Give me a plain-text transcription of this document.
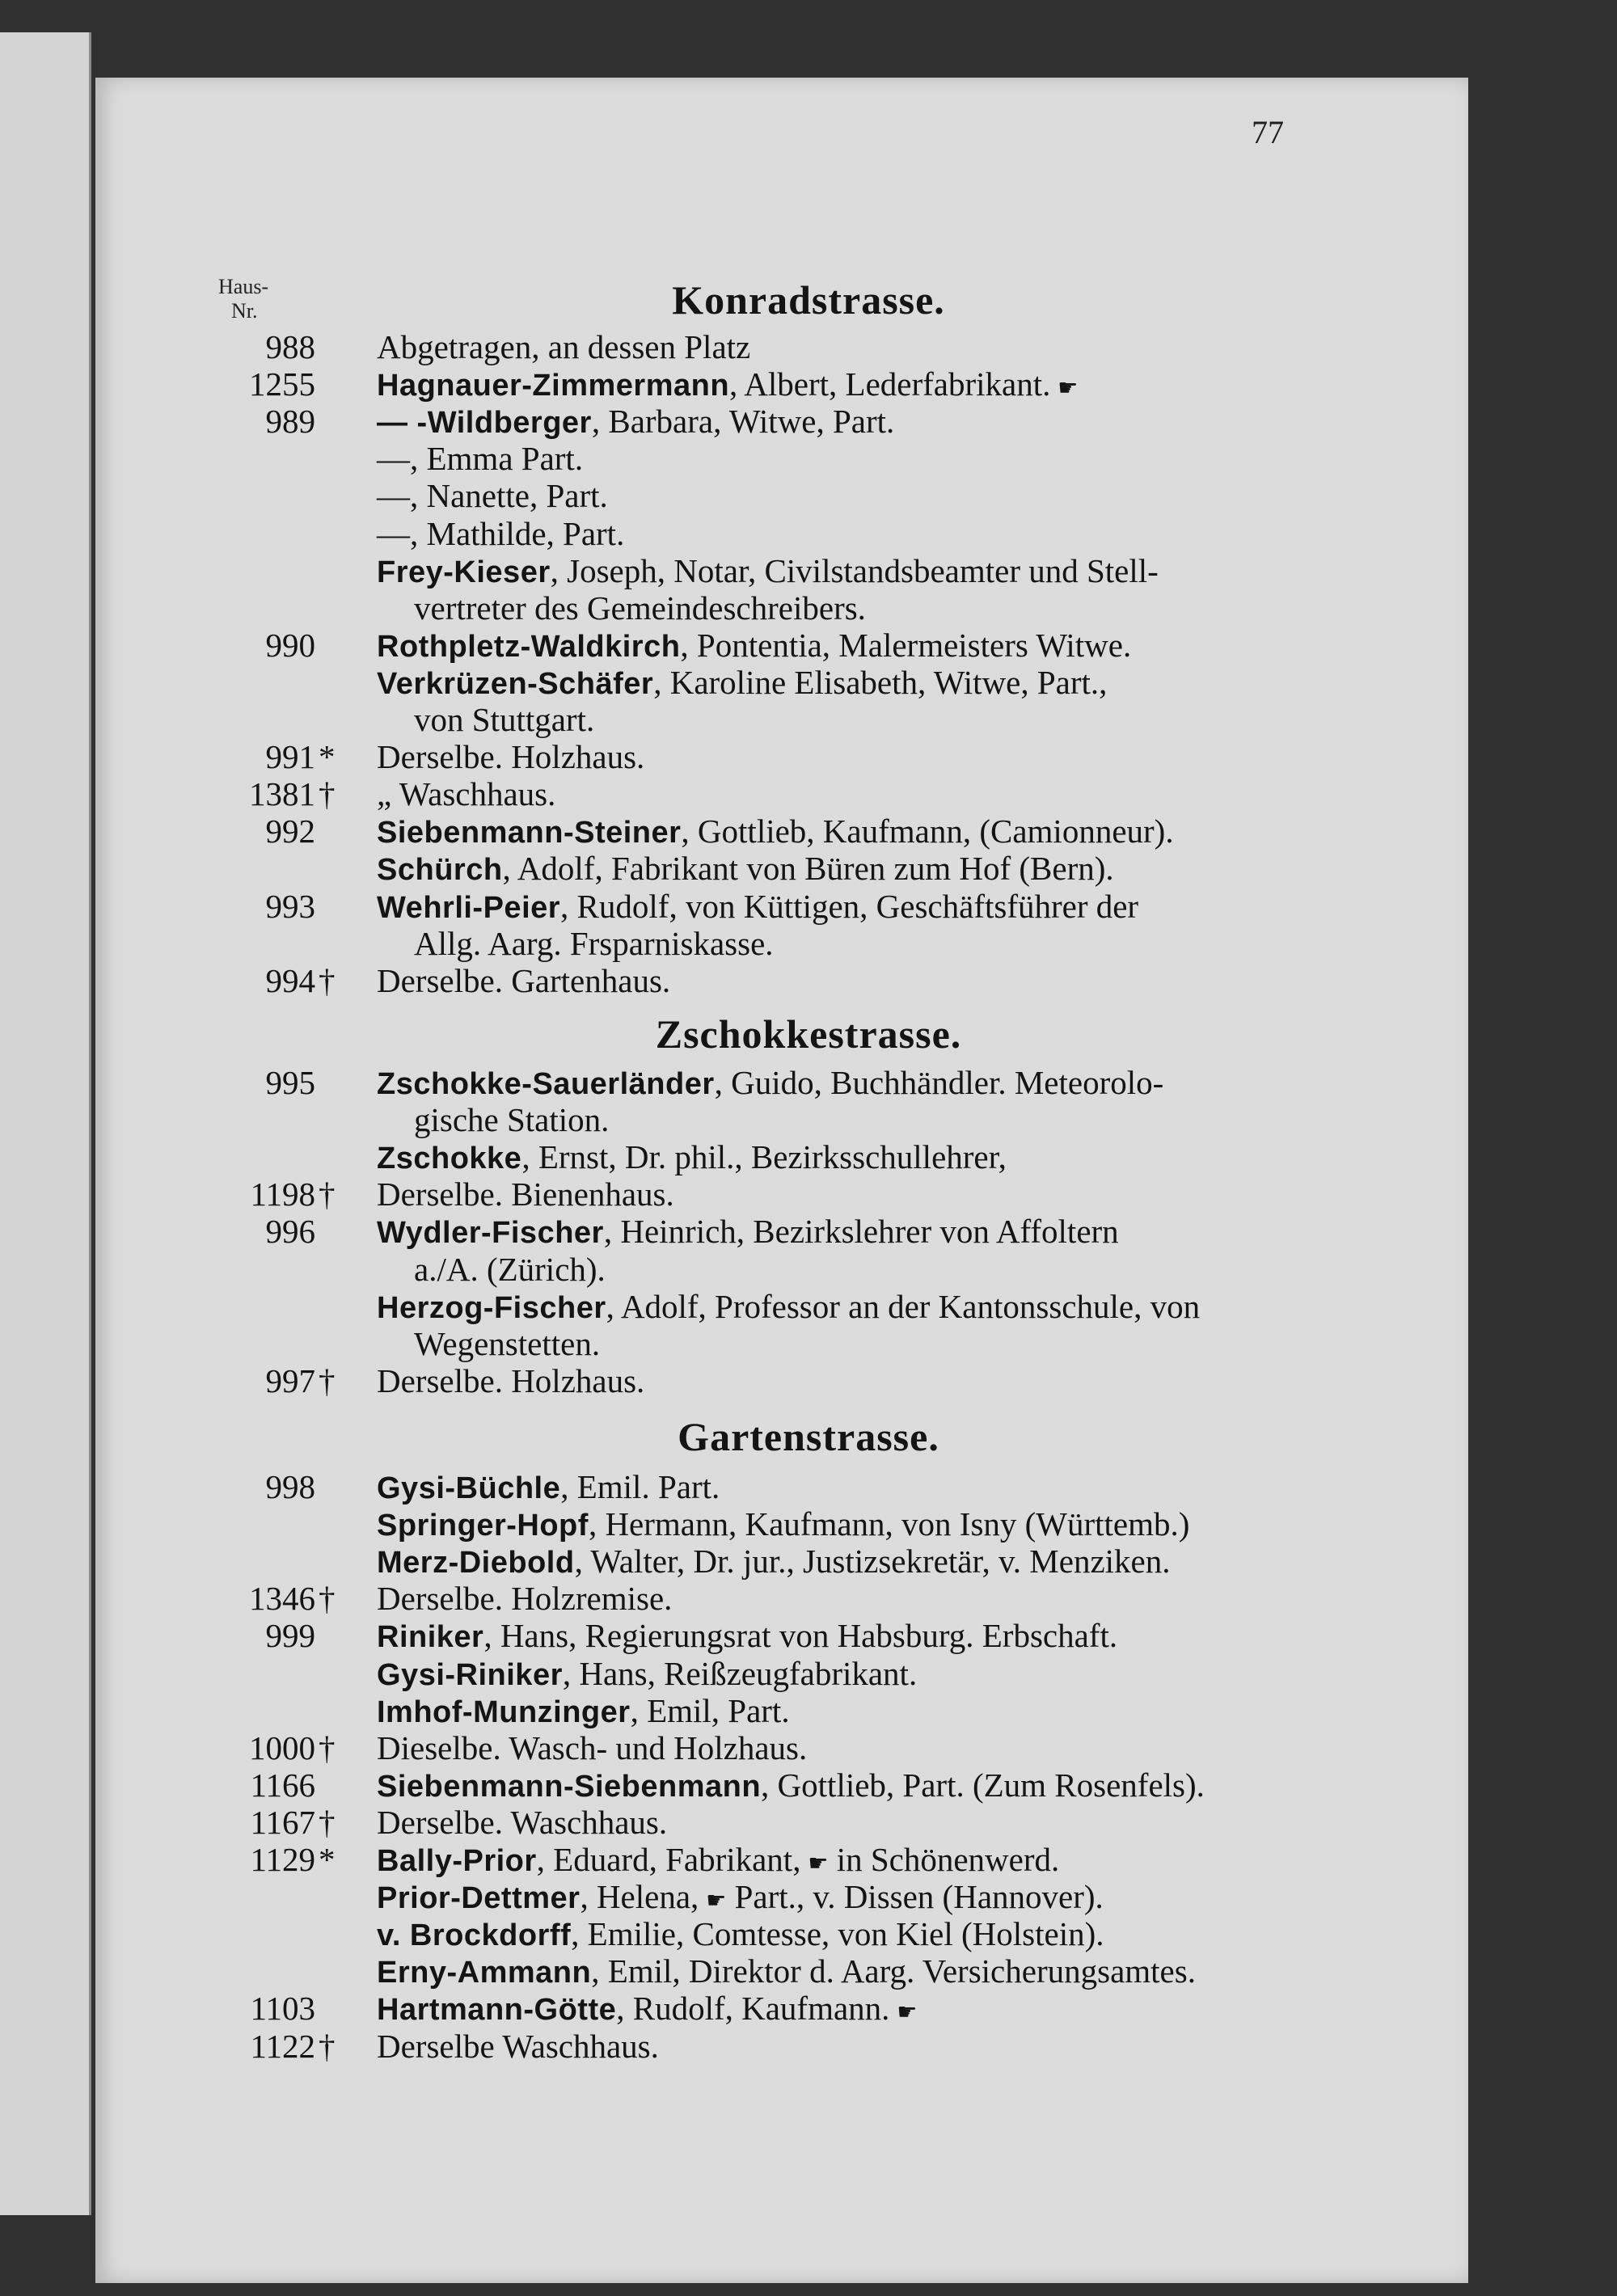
77
Haus-
Nr.	Konradstrasse.
988	Abgetragen, an dessen Platz
1255	Hagnauer-Zimmermann, Albert, Lederfabrikant. ☛
989	— -Wildberger, Barbara, Witwe, Part.
—, Emma Part.
—, Nanette, Part.
—, Mathilde, Part.
Frey-Kieser, Joseph, Notar, Civilstandsbeamter und Stell-
vertreter des Gemeindeschreibers.
990	Rothpletz-Waldkirch, Pontentia, Malermeisters Witwe.
Verkrüzen-Schäfer, Karoline Elisabeth, Witwe, Part.,
von Stuttgart.
991* Derselbe. Holzhaus.
1381† „ Waschhaus.
992	Siebenmann-Steiner, Gottlieb, Kaufmann, (Camionneur).
Schürch, Adolf, Fabrikant von Büren zum Hof (Bern).
993	Wehrli-Peier, Rudolf, von Küttigen, Geschäftsführer der
Allg. Aarg. Frsparniskasse.
994† Derselbe. Gartenhaus.
Zschokkestrasse.
995	Zschokke-Sauerländer, Guido, Buchhändler. Meteorolo-
gische Station.
Zschokke, Ernst, Dr. phil., Bezirksschullehrer,
1198† Derselbe. Bienenhaus.
996	Wydler-Fischer, Heinrich, Bezirkslehrer von Affoltern
a./A. (Zürich).
Herzog-Fischer, Adolf, Professor an der Kantonsschule, von
Wegenstetten.
997† Derselbe. Holzhaus.
Gartenstrasse.
998	Gysi-Büchle, Emil. Part.
Springer-Hopf, Hermann, Kaufmann, von Isny (Württemb.)
Merz-Diebold, Walter, Dr. jur., Justizsekretär, v. Menziken.
1346† Derselbe. Holzremise.
999	Riniker, Hans, Regierungsrat von Habsburg. Erbschaft.
Gysi-Riniker, Hans, Reißzeugfabrikant.
Imhof-Munzinger, Emil, Part.
1000† Dieselbe. Wasch- und Holzhaus.
1166	Siebenmann-Siebenmann, Gottlieb, Part. (Zum Rosenfels).
1167† Derselbe. Waschhaus.
1129*	Bally-Prior, Eduard, Fabrikant, ☛ in Schönenwerd.
Prior-Dettmer, Helena, ☛ Part., v. Dissen (Hannover).
v. Brockdorff, Emilie, Comtesse, von Kiel (Holstein).
Erny-Ammann, Emil, Direktor d. Aarg. Versicherungsamtes.
1103	Hartmann-Götte, Rudolf, Kaufmann. ☛
1122† Derselbe Waschhaus.
